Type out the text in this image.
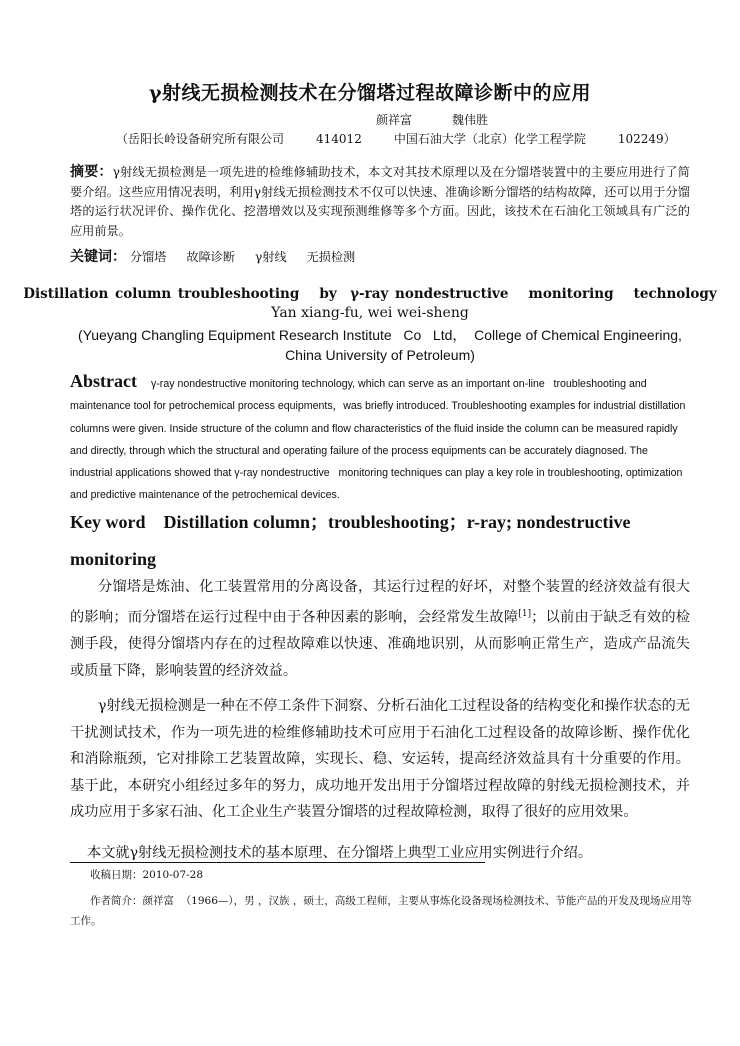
γ射线无损检测技术在分馏塔过程故障诊断中的应用
颜祥富	魏伟胜
（岳阳长岭设备研究所有限公司	414012	中国石油大学（北京）化学工程学院	102249）
摘要：γ射线无损检测是一项先进的检维修辅助技术，本文对其技术原理以及在分馏塔装置中的主要应用进行了简要介绍。这些应用情况表明，利用γ射线无损检测技术不仅可以快速、准确诊断分馏塔的结构故障，还可以用于分馏塔的运行状况评价、操作优化、挖潜增效以及实现预测维修等多个方面。因此，该技术在石油化工领域具有广泛的应用前景。
关键词： 分馏塔 故障诊断 γ射线 无损检测
Distillation column troubleshooting   by  γ-ray nondestructive   monitoring   technology
Yan xiang-fu, wei wei-sheng
(Yueyang Changling Equipment Research Institute   Co   Ltd，  College of Chemical Engineering, China University of Petroleum)
Abstract γ-ray nondestructive monitoring technology, which can serve as an important on-line   troubleshooting and maintenance tool for petrochemical process equipments，was briefly introduced. Troubleshooting examples for industrial distillation columns were given. Inside structure of the column and flow characteristics of the fluid inside the column can be measured rapidly and directly, through which the structural and operating failure of the process equipments can be accurately diagnosed. The industrial applications showed that γ-ray nondestructive   monitoring techniques can play a key role in troubleshooting, optimization and predictive maintenance of the petrochemical devices.
Key word    Distillation column；troubleshooting；r-ray; nondestructive monitoring
分馏塔是炼油、化工装置常用的分离设备，其运行过程的好坏，对整个装置的经济效益有很大的影响；而分馏塔在运行过程中由于各种因素的影响，会经常发生故障[1]；以前由于缺乏有效的检测手段，使得分馏塔内存在的过程故障难以快速、准确地识别，从而影响正常生产，造成产品流失或质量下降，影响装置的经济效益。
γ射线无损检测是一种在不停工条件下洞察、分析石油化工过程设备的结构变化和操作状态的无干扰测试技术，作为一项先进的检维修辅助技术可应用于石油化工过程设备的故障诊断、操作优化和消除瓶颈，它对排除工艺装置故障，实现长、稳、安运转，提高经济效益具有十分重要的作用。基于此，本研究小组经过多年的努力，成功地开发出用于分馏塔过程故障的射线无损检测技术，并成功应用于多家石油、化工企业生产装置分馏塔的过程故障检测，取得了很好的应用效果。
本文就γ射线无损检测技术的基本原理、在分馏塔上典型工业应用实例进行介绍。
收稿日期：2010-07-28
作者简介：颜祥富  （1966—），男 ，汉族 ，硕士，高级工程师，主要从事炼化设备现场检测技术、节能产品的开发及现场应用等工作。
